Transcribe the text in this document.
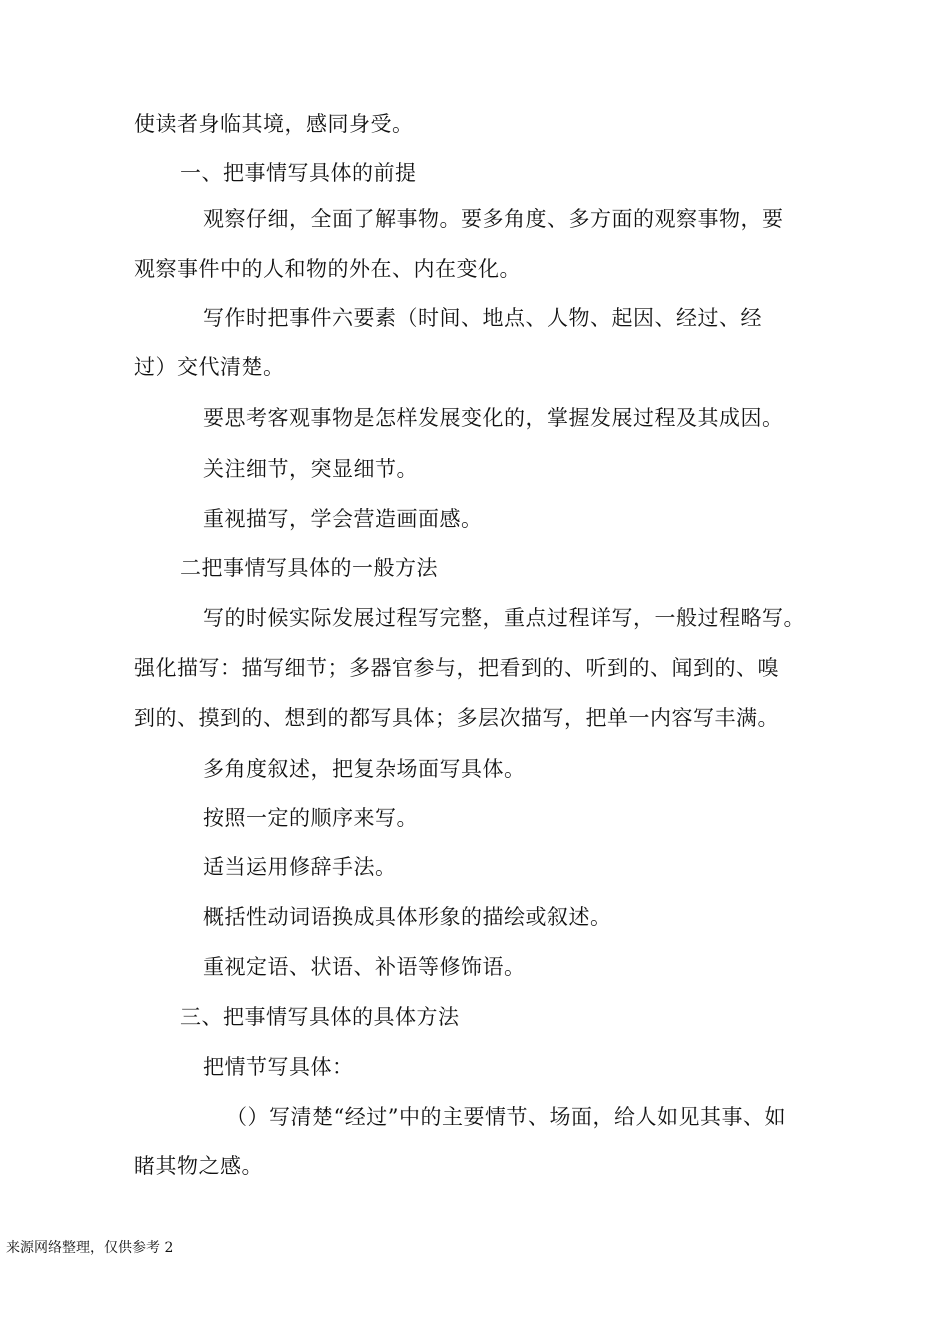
使读者身临其境，感同身受。
一、把事情写具体的前提
观察仔细，全面了解事物。要多角度、多方面的观察事物，要
观察事件中的人和物的外在、内在变化。
写作时把事件六要素（时间、地点、人物、起因、经过、经
过）交代清楚。
要思考客观事物是怎样发展变化的，掌握发展过程及其成因。
关注细节，突显细节。
重视描写，学会营造画面感。
二把事情写具体的一般方法
写的时候实际发展过程写完整，重点过程详写，一般过程略写。
强化描写：描写细节；多器官参与，把看到的、听到的、闻到的、嗅
到的、摸到的、想到的都写具体；多层次描写，把单一内容写丰满。
多角度叙述，把复杂场面写具体。
按照一定的顺序来写。
适当运用修辞手法。
概括性动词语换成具体形象的描绘或叙述。
重视定语、状语、补语等修饰语。
三、把事情写具体的具体方法
把情节写具体：
（）写清楚“经过”中的主要情节、场面，给人如见其事、如
睹其物之感。
来源网络整理，仅供参考 2
